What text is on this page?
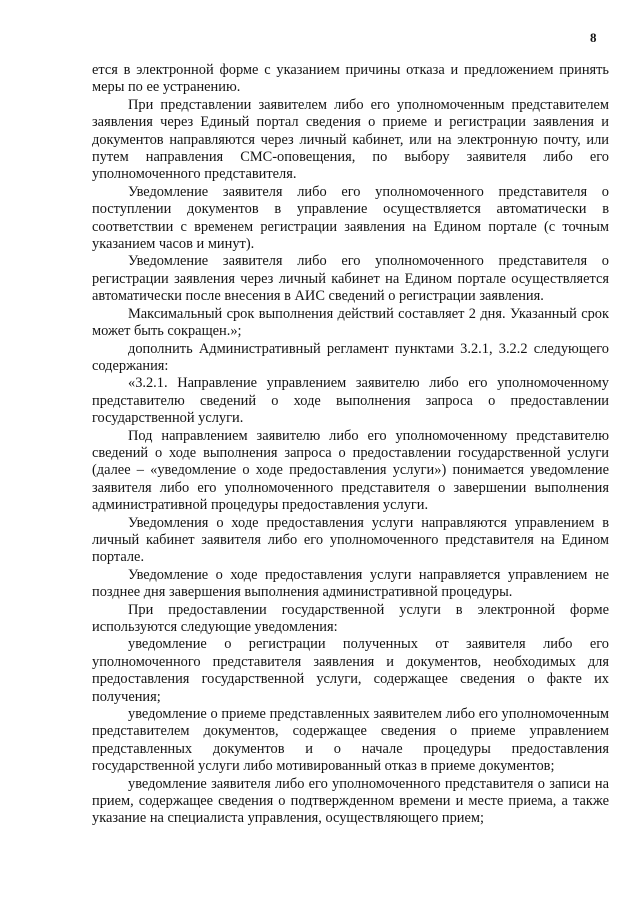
8

ется в электронной форме с указанием причины отказа и предложением принять меры по ее устранению.

При представлении заявителем либо его уполномоченным представителем заявления через Единый портал сведения о приеме и регистрации заявления и документов направляются через личный кабинет, или на электронную почту, или путем направления СМС-оповещения, по выбору заявителя либо его уполномоченного представителя.

Уведомление заявителя либо его уполномоченного представителя о поступлении документов в управление осуществляется автоматически в соответствии с временем регистрации заявления на Едином портале (с точным указанием часов и минут).

Уведомление заявителя либо его уполномоченного представителя о регистрации заявления через личный кабинет на Едином портале осуществляется автоматически после внесения в АИС сведений о регистрации заявления.

Максимальный срок выполнения действий составляет 2 дня. Указанный срок может быть сокращен.»;

дополнить Административный регламент пунктами 3.2.1, 3.2.2 следующего содержания:

«3.2.1. Направление управлением заявителю либо его уполномоченному представителю сведений о ходе выполнения запроса о предоставлении государственной услуги.

Под направлением заявителю либо его уполномоченному представителю сведений о ходе выполнения запроса о предоставлении государственной услуги (далее – «уведомление о ходе предоставления услуги») понимается уведомление заявителя либо его уполномоченного представителя о завершении выполнения административной процедуры предоставления услуги.

Уведомления о ходе предоставления услуги направляются управлением в личный кабинет заявителя либо его уполномоченного представителя на Едином портале.

Уведомление о ходе предоставления услуги направляется управлением не позднее дня завершения выполнения административной процедуры.

При предоставлении государственной услуги в электронной форме используются следующие уведомления:

уведомление о регистрации полученных от заявителя либо его уполномоченного представителя заявления и документов, необходимых для предоставления государственной услуги, содержащее сведения о факте их получения;

уведомление о приеме представленных заявителем либо его уполномоченным представителем документов, содержащее сведения о приеме управлением представленных документов и о начале процедуры предоставления государственной услуги либо мотивированный отказ в приеме документов;

уведомление заявителя либо его уполномоченного представителя о записи на прием, содержащее сведения о подтвержденном времени и месте приема, а также указание на специалиста управления, осуществляющего прием;
